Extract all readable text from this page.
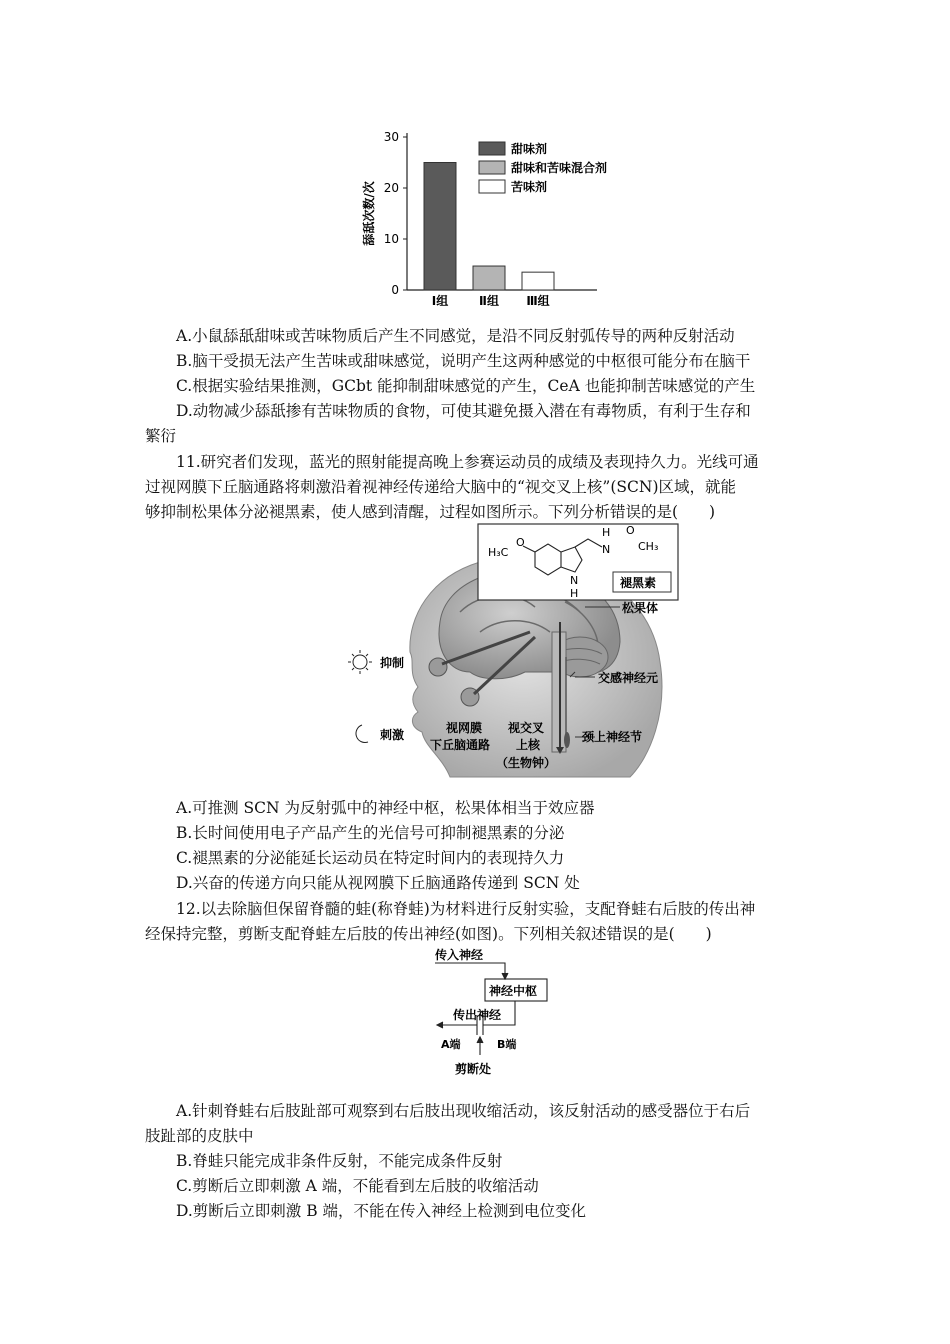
0
10
20
30
舔舐次数/次
Ⅰ组	Ⅱ组 Ⅲ组
甜味剂
甜味和苦味混合剂
苦味剂
A.小鼠舔舐甜味或苦味物质后产生不同感觉，是沿不同反射弧传导的两种反射活动
B.脑干受损无法产生苦味或甜味感觉，说明产生这两种感觉的中枢很可能分布在脑干
C.根据实验结果推测，GCbt 能抑制甜味感觉的产生，CeA 也能抑制苦味感觉的产生
D.动物减少舔舐掺有苦味物质的食物，可使其避免摄入潜在有毒物质，有利于生存和
繁衍
11.研究者们发现，蓝光的照射能提高晚上参赛运动员的成绩及表现持久力。光线可通
过视网膜下丘脑通路将刺激沿着视神经传递给大脑中的“视交叉上核”(SCN)区域，就能
够抑制松果体分泌褪黑素，使人感到清醒，过程如图所示。下列分析错误的是(　　)
H₃C
O
N
H
N
H
O
CH₃
褪黑素
松果体
抑制
刺激
交感神经元
视网膜
下丘脑通路
视交叉
上核
（生物钟）
颈上神经节
A.可推测 SCN 为反射弧中的神经中枢，松果体相当于效应器
B.长时间使用电子产品产生的光信号可抑制褪黑素的分泌
C.褪黑素的分泌能延长运动员在特定时间内的表现持久力
D.兴奋的传递方向只能从视网膜下丘脑通路传递到 SCN 处
12.以去除脑但保留脊髓的蛙(称脊蛙)为材料进行反射实验，支配脊蛙右后肢的传出神
经保持完整，剪断支配脊蛙左后肢的传出神经(如图)。下列相关叙述错误的是(　　)
传入神经
神经中枢
传出神经
A端	B端
剪断处
A.针刺脊蛙右后肢趾部可观察到右后肢出现收缩活动，该反射活动的感受器位于右后
肢趾部的皮肤中
B.脊蛙只能完成非条件反射，不能完成条件反射
C.剪断后立即刺激 A 端，不能看到左后肢的收缩活动
D.剪断后立即刺激 B 端，不能在传入神经上检测到电位变化
